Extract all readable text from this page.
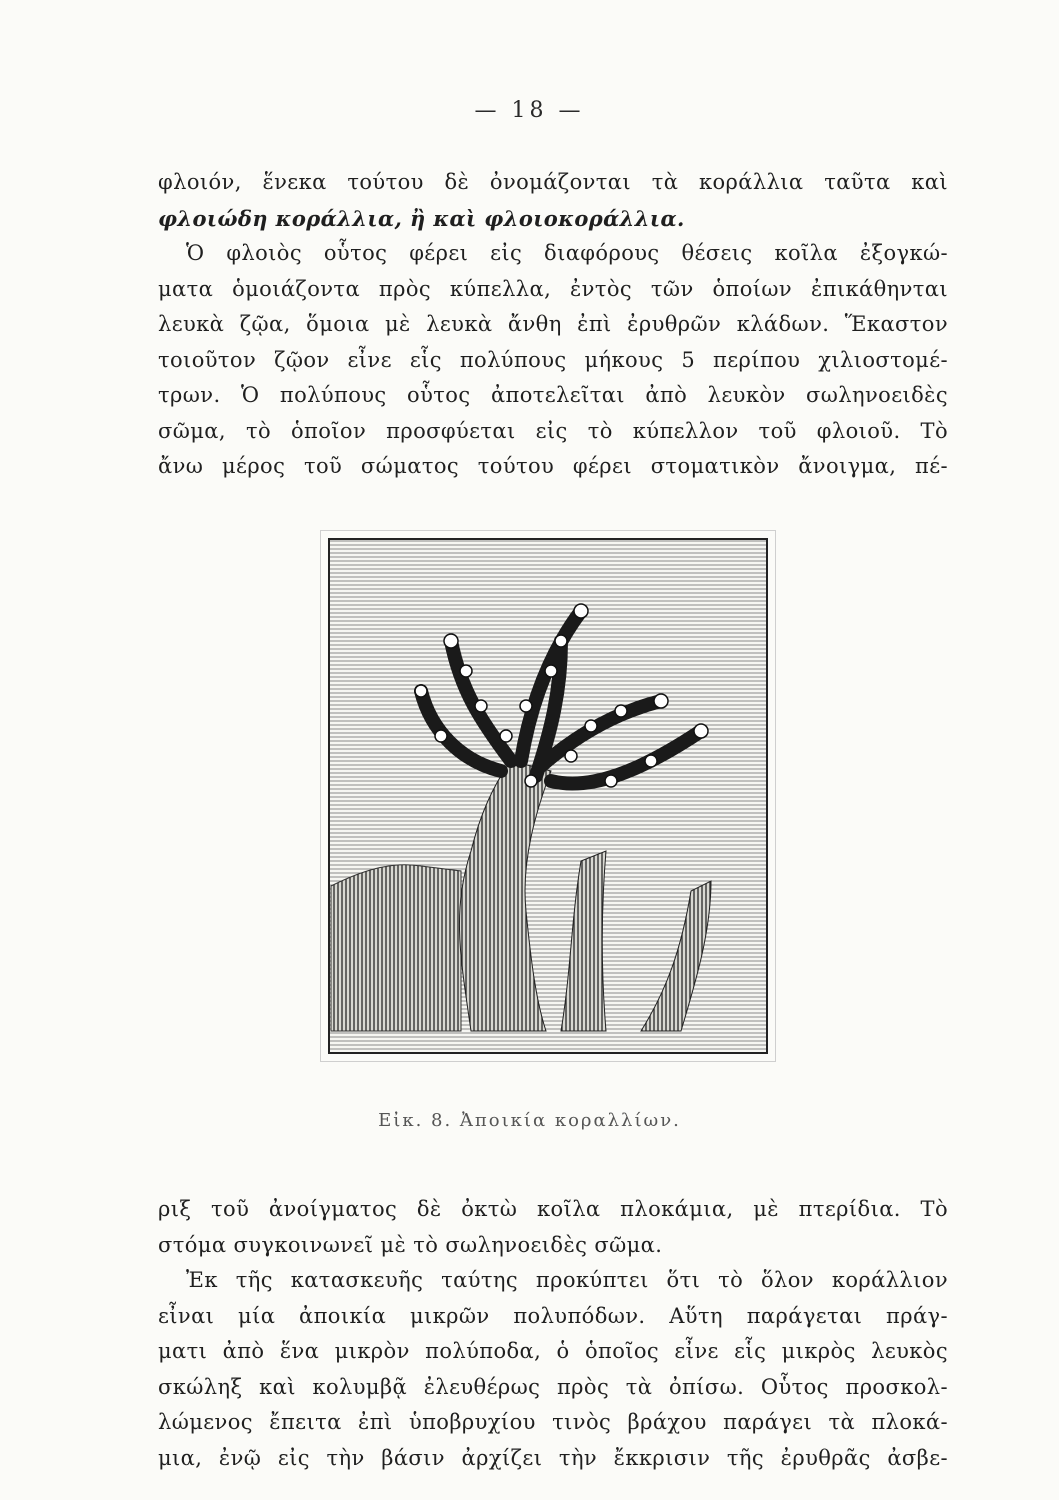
— 18 —
φλοιόν, ἕνεκα τούτου δὲ ὀνομάζονται τὰ κοράλλια ταῦτα καὶ
φλοιώδη κοράλλια, ἢ καὶ φλοιοκοράλλια.
Ὁ φλοιὸς οὗτος φέρει εἰς διαφόρους θέσεις κοῖλα ἐξογκώ-
ματα ὁμοιάζοντα πρὸς κύπελλα, ἐντὸς τῶν ὁποίων ἐπικάθηνται
λευκὰ ζῷα, ὅμοια μὲ λευκὰ ἄνθη ἐπὶ ἐρυθρῶν κλάδων. Ἕκαστον
τοιοῦτον ζῷον εἶνε εἷς πολύπους μήκους 5 περίπου χιλιοστομέ-
τρων. Ὁ πολύπους οὗτος ἀποτελεῖται ἀπὸ λευκὸν σωληνοειδὲς
σῶμα, τὸ ὁποῖον προσφύεται εἰς τὸ κύπελλον τοῦ φλοιοῦ. Τὸ
ἄνω μέρος τοῦ σώματος τούτου φέρει στοματικὸν ἄνοιγμα, πέ-
Εἰκ. 8. Ἀποικία κοραλλίων.
ριξ τοῦ ἀνοίγματος δὲ ὀκτὼ κοῖλα πλοκάμια, μὲ πτερίδια. Τὸ
στόμα συγκοινωνεῖ μὲ τὸ σωληνοειδὲς σῶμα.
Ἐκ τῆς κατασκευῆς ταύτης προκύπτει ὅτι τὸ ὅλον κοράλλιον
εἶναι μία ἀποικία μικρῶν πολυπόδων. Αὕτη παράγεται πράγ-
ματι ἀπὸ ἕνα μικρὸν πολύποδα, ὁ ὁποῖος εἶνε εἷς μικρὸς λευκὸς
σκώληξ καὶ κολυμβᾷ ἐλευθέρως πρὸς τὰ ὀπίσω. Οὗτος προσκολ-
λώμενος ἔπειτα ἐπὶ ὑποβρυχίου τινὸς βράχου παράγει τὰ πλοκά-
μια, ἐνῷ εἰς τὴν βάσιν ἀρχίζει τὴν ἔκκρισιν τῆς ἐρυθρᾶς ἀσβε-
